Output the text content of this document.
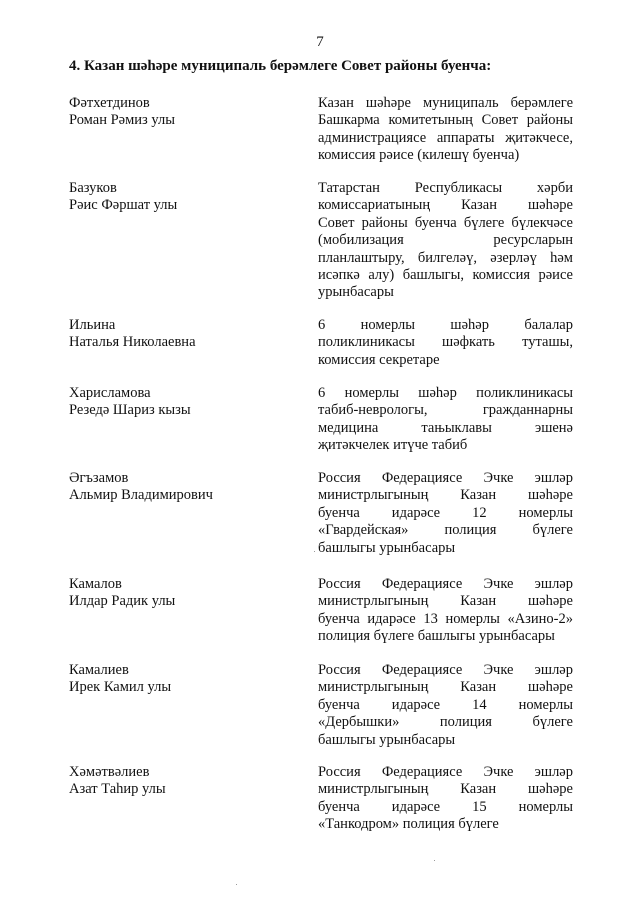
7
4. Казан шәһәре муниципаль берәмлеге Совет районы буенча:
Фәтхетдинов
Роман Рәмиз улы
Казан шәһәре муниципаль берәмлеге
Башкарма комитетының Совет районы
администрациясе аппараты җитәкчесе,
комиссия рәисе (килешү буенча)
Базуков
Рәис Фәршат улы
Татарстан Республикасы хәрби
комиссариатының Казан шәһәре
Совет районы буенча бүлеге бүлекчәсе
(мобилизация ресурсларын
планлаштыру, билгеләү, әзерләү һәм
исәпкә алу) башлыгы, комиссия рәисе
урынбасары
Ильина
Наталья Николаевна
6 номерлы шәһәр балалар
поликлиникасы шәфкать туташы,
комиссия секретаре
Харисламова
Резедә Шариз кызы
6 номерлы шәһәр поликлиникасы
табиб-неврологы, гражданнарны
медицина тањыклавы эшенә
җитәкчелек итүче табиб
Әгъзамов
Альмир Владимирович
Россия Федерациясе Эчке эшләр
министрлыгының Казан шәһәре
буенча идарәсе 12 номерлы
«Гвардейская» полиция бүлеге
башлыгы урынбасары
Камалов
Илдар Радик улы
Россия Федерациясе Эчке эшләр
министрлыгының Казан шәһәре
буенча идарәсе 13 номерлы «Азино-2»
полиция бүлеге башлыгы урынбасары
Камалиев
Ирек Камил улы
Россия Федерациясе Эчке эшләр
министрлыгының Казан шәһәре
буенча идарәсе 14 номерлы
«Дербышки» полиция бүлеге
башлыгы урынбасары
Хәмәтвәлиев
Азат Таһир улы
Россия Федерациясе Эчке эшләр
министрлыгының Казан шәһәре
буенча идарәсе 15 номерлы
«Танкодром» полиция бүлеге
